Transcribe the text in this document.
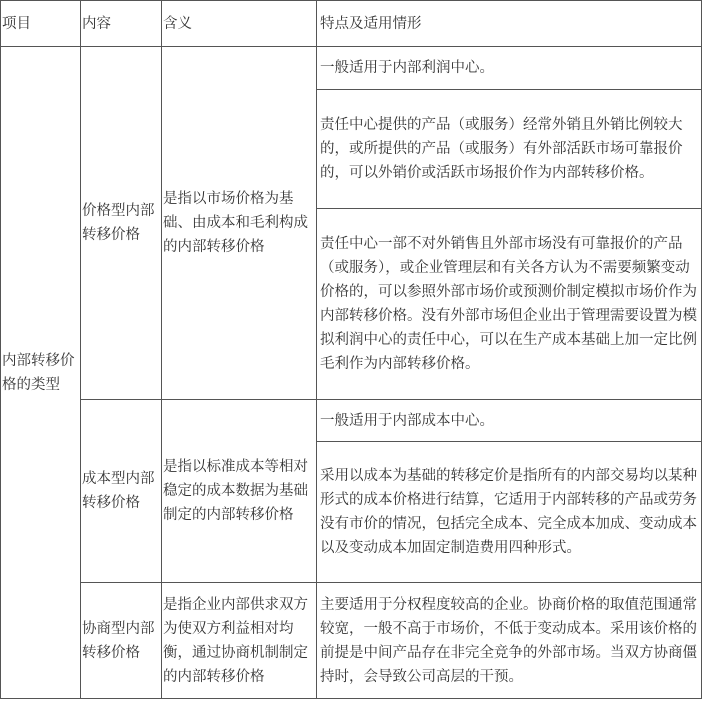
项目	内容	含义	特点及适用情形

内部转移价格的类型	价格型内部转移价格	是指以市场价格为基础、由成本和毛利构成的内部转移价格	一般适用于内部利润中心。

			责任中心提供的产品（或服务）经常外销且外销比例较大的，或所提供的产品（或服务）有外部活跃市场可靠报价的，可以外销价或活跃市场报价作为内部转移价格。

			责任中心一部不对外销售且外部市场没有可靠报价的产品（或服务），或企业管理层和有关各方认为不需要频繁变动价格的，可以参照外部市场价或预测价制定模拟市场价作为内部转移价格。没有外部市场但企业出于管理需要设置为模拟利润中心的责任中心，可以在生产成本基础上加一定比例毛利作为内部转移价格。

	成本型内部转移价格	是指以标准成本等相对稳定的成本数据为基础制定的内部转移价格	一般适用于内部成本中心。

			采用以成本为基础的转移定价是指所有的内部交易均以某种形式的成本价格进行结算，它适用于内部转移的产品或劳务没有市价的情况，包括完全成本、完全成本加成、变动成本以及变动成本加固定制造费用四种形式。

	协商型内部转移价格	是指企业内部供求双方为使双方利益相对均衡，通过协商机制制定的内部转移价格	主要适用于分权程度较高的企业。协商价格的取值范围通常较宽，一般不高于市场价，不低于变动成本。采用该价格的前提是中间产品存在非完全竞争的外部市场。当双方协商僵持时，会导致公司高层的干预。
